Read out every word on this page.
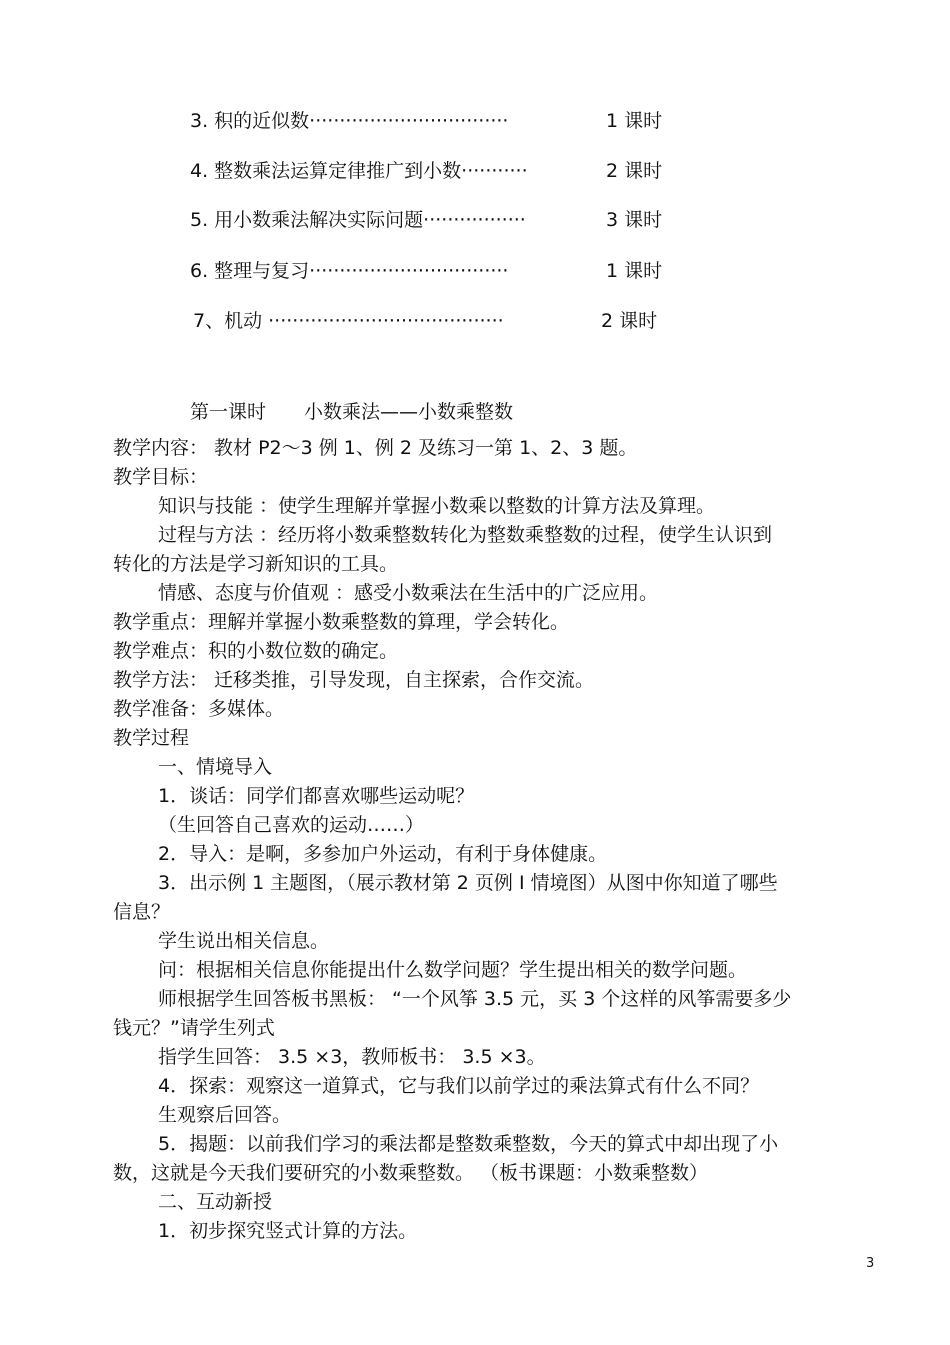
3. 积的近似数·································	1 课时
4. 整数乘法运算定律推广到小数···········	2 课时
5. 用小数乘法解决实际问题·················	3 课时
6. 整理与复习·································	1 课时
7、机动 ·······································	2 课时
第一课时　　小数乘法——小数乘整数
教学内容： 教材 P2～3 例 1、例 2 及练习一第 1、2、3 题。
教学目标：
知识与技能 ：使学生理解并掌握小数乘以整数的计算方法及算理。
过程与方法 ：经历将小数乘整数转化为整数乘整数的过程，使学生认识到
转化的方法是学习新知识的工具。
情感、态度与价值观 ：感受小数乘法在生活中的广泛应用。
教学重点：理解并掌握小数乘整数的算理，学会转化。
教学难点：积的小数位数的确定。
教学方法： 迁移类推，引导发现，自主探索，合作交流。
教学准备：多媒体。
教学过程
一、情境导入
1．谈话：同学们都喜欢哪些运动呢？
（生回答自己喜欢的运动……）
2．导入：是啊，多参加户外运动，有利于身体健康。
3．出示例 1 主题图，（展示教材第 2 页例 I 情境图）从图中你知道了哪些
信息？
学生说出相关信息。
问：根据相关信息你能提出什么数学问题？学生提出相关的数学问题。
师根据学生回答板书黑板： “一个风筝 3.5 元，买 3 个这样的风筝需要多少
钱元？”请学生列式
指学生回答： 3.5 ×3，教师板书： 3.5 ×3。
4．探索：观察这一道算式，它与我们以前学过的乘法算式有什么不同？
生观察后回答。
5．揭题：以前我们学习的乘法都是整数乘整数，今天的算式中却出现了小
数，这就是今天我们要研究的小数乘整数。 （板书课题：小数乘整数）
二、互动新授
1．初步探究竖式计算的方法。
3
